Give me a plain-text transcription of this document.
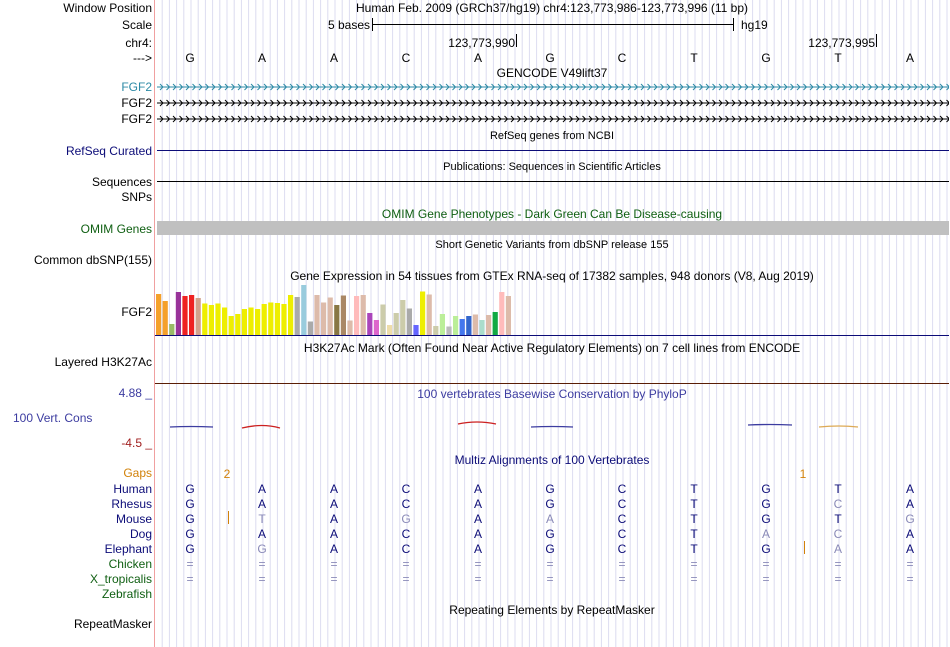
Window Position	Human Feb. 2009 (GRCh37/hg19) chr4:123,773,986-123,773,996 (11 bp)
Scale	5 bases	hg19
chr4:	123,773,990	123,773,995
--->
GENCODE V49lift37
FGF2
FGF2
FGF2
RefSeq genes from NCBI
RefSeq Curated
Publications: Sequences in Scientific Articles
Sequences
SNPs
OMIM Gene Phenotypes - Dark Green Can Be Disease-causing
OMIM Genes
Short Genetic Variants from dbSNP release 155
Common dbSNP(155)
Gene Expression in 54 tissues from GTEx RNA-seq of 17382 samples, 948 donors (V8, Aug 2019)
FGF2
H3K27Ac Mark (Often Found Near Active Regulatory Elements) on 7 cell lines from ENCODE
Layered H3K27Ac
4.88 _	100 vertebrates Basewise Conservation by PhyloP
100 Vert. Cons
-4.5 _
Multiz Alignments of 100 Vertebrates
Gaps	2	1
Repeating Elements by RepeatMasker
RepeatMasker
G	A	A	C	A	G	C	T	G	T	A
Human	G	A	A	C	A	G	C	T	G	T	A
Rhesus	G	A	A	C	A	G	C	T	G	C	A
Mouse	G	T	A	G	A	A	C	T	G	T	G
Dog	G	A	A	C	A	G	C	T	A	C	A
Elephant	G	G	A	C	A	G	C	T	G	A	A
Chicken	=	=	=	=	=	=	=	=	=	=	=
X_tropicalis	=	=	=	=	=	=	=	=	=	=	=
Zebrafish
